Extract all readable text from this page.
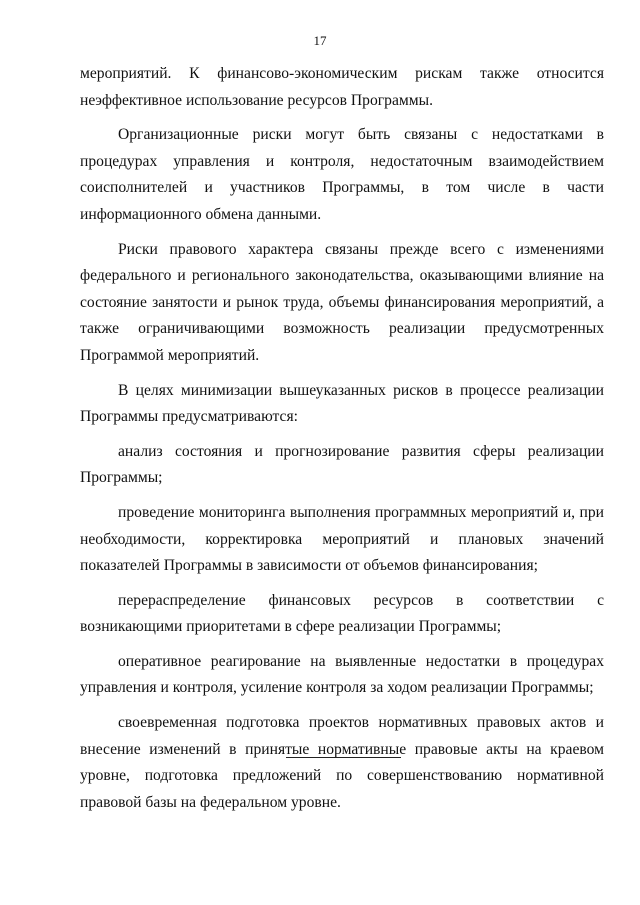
17

мероприятий. К финансово-экономическим рискам также относится неэффективное использование ресурсов Программы.

Организационные риски могут быть связаны с недостатками в процедурах управления и контроля, недостаточным взаимодействием соисполнителей и участников Программы, в том числе в части информационного обмена данными.

Риски правового характера связаны прежде всего с изменениями федерального и регионального законодательства, оказывающими влияние на состояние занятости и рынок труда, объемы финансирования мероприятий, а также ограничивающими возможность реализации предусмотренных Программой мероприятий.

В целях минимизации вышеуказанных рисков в процессе реализации Программы предусматриваются:

анализ состояния и прогнозирование развития сферы реализации Программы;

проведение мониторинга выполнения программных мероприятий и, при необходимости, корректировка мероприятий и плановых значений показателей Программы в зависимости от объемов финансирования;

перераспределение финансовых ресурсов в соответствии с возникающими приоритетами в сфере реализации Программы;

оперативное реагирование на выявленные недостатки в процедурах управления и контроля, усиление контроля за ходом реализации Программы;

своевременная подготовка проектов нормативных правовых актов и внесение изменений в принятые нормативные правовые акты на краевом уровне, подготовка предложений по совершенствованию нормативной правовой базы на федеральном уровне.
